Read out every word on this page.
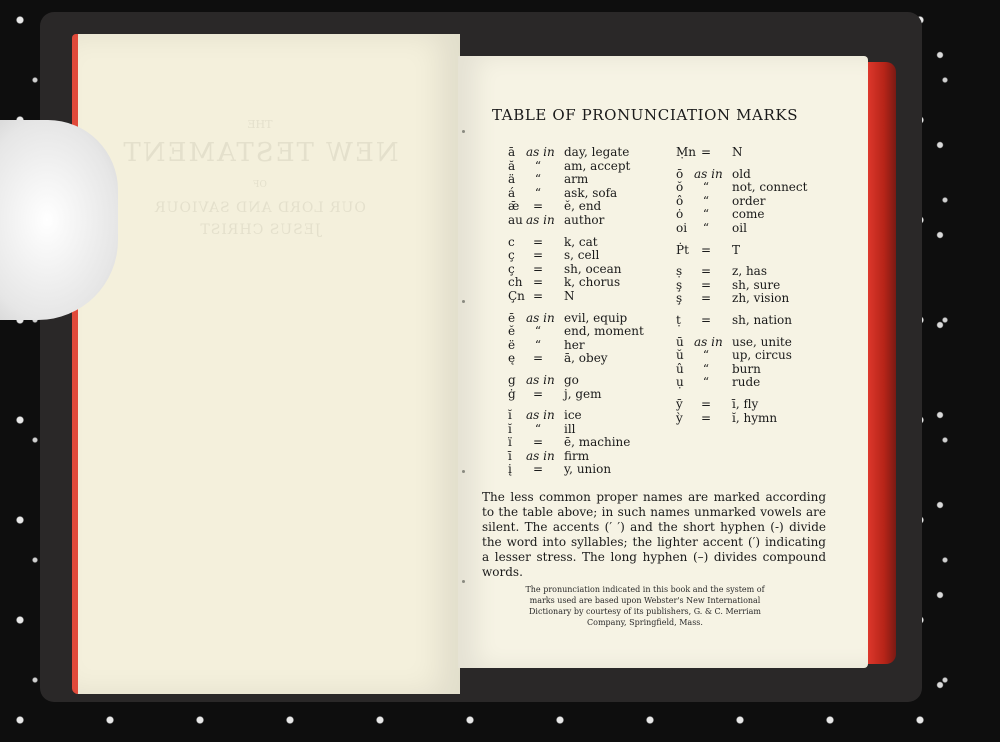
THE
NEW TESTAMENT
OF
OUR LORD AND SAVIOUR
JESUS CHRIST
TABLE OF PRONUNCIATION MARKS
ā as in day, legate
ă “ am, accept
ä “ arm
á “ ask, sofa
ǣ = ĕ, end
au as in author
c = k, cat
ç = s, cell
ç = sh, ocean
ch = k, chorus
Çn = N
ē as in evil, equip
ĕ “ end, moment
ë “ her
ę = ā, obey
g as in go
ġ = j, gem
ĭ as in ice
ĭ “ ill
ï = ē, machine
ī as in firm
į = y, union
Ṃn = N
ō as in old
ŏ “ not, connect
ô “ order
ȯ “ come
oi “ oil
Ṗt = T
ṣ = z, has
ş = sh, sure
ş = zh, vision
ṭ = sh, nation
ū as in use, unite
ŭ “ up, circus
û “ burn
ụ “ rude
ȳ = ī, fly
ỳ = ĭ, hymn
The less common proper names are marked according to the table above; in such names unmarked vowels are silent. The accents (′ ′) and the short hyphen (-) divide the word into syllables; the lighter accent (′) indicating a lesser stress. The long hyphen (–) divides compound words.
The pronunciation indicated in this book and the system of marks used are based upon Webster's New International Dictionary by courtesy of its publishers, G. & C. Merriam Company, Springfield, Mass.
